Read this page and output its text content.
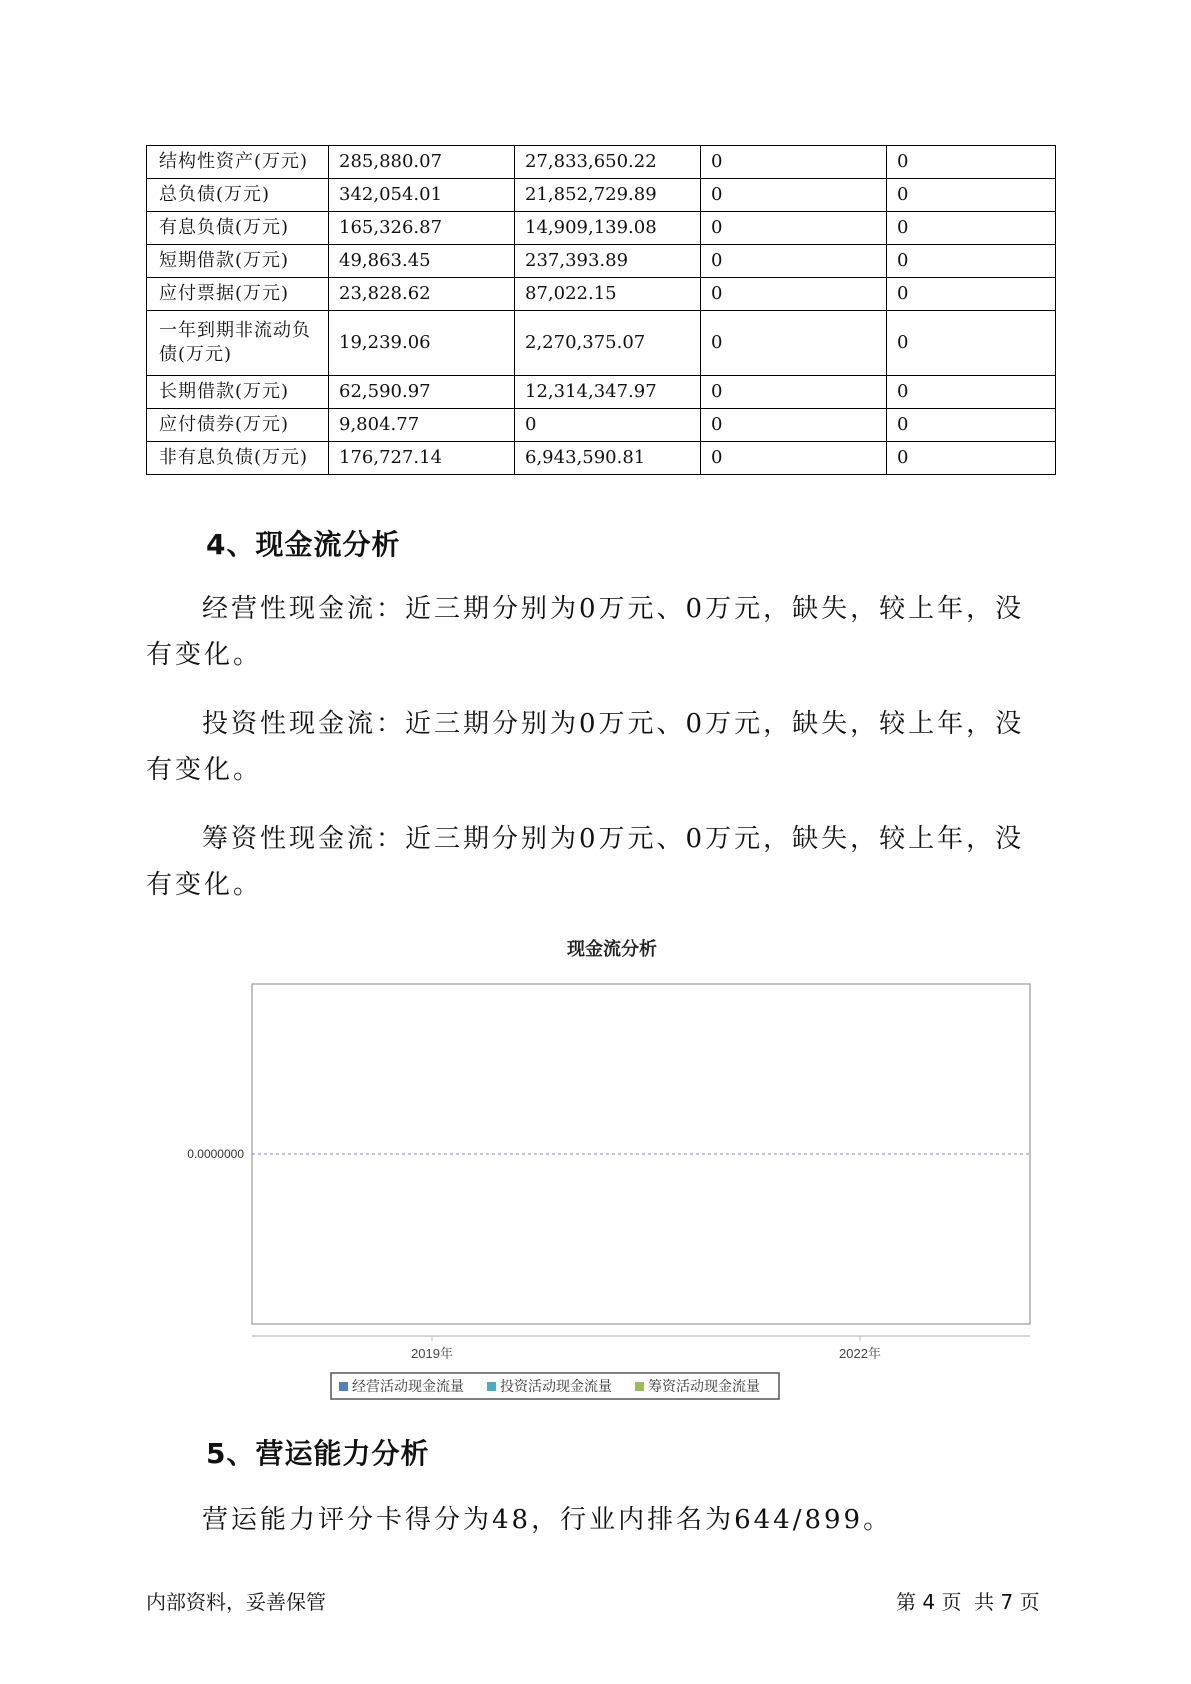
结构性资产(万元)	285,880.07	27,833,650.22	0	0
总负债(万元)	342,054.01	21,852,729.89	0	0
有息负债(万元)	165,326.87	14,909,139.08	0	0
短期借款(万元)	49,863.45	237,393.89	0	0
应付票据(万元)	23,828.62	87,022.15	0	0
一年到期非流动负债(万元)	19,239.06	2,270,375.07	0	0
长期借款(万元)	62,590.97	12,314,347.97	0	0
应付债券(万元)	9,804.77	0	0	0
非有息负债(万元)	176,727.14	6,943,590.81	0	0
4、现金流分析

经营性现金流：近三期分别为0万元、0万元，缺失，较上年，没有变化。

投资性现金流：近三期分别为0万元、0万元，缺失，较上年，没有变化。

筹资性现金流：近三期分别为0万元、0万元，缺失，较上年，没有变化。

现金流分析
0.0000000
2019年	2022年
经营活动现金流量	投资活动现金流量	筹资活动现金流量
5、营运能力分析

营运能力评分卡得分为48，行业内排名为644/899。

内部资料，妥善保管	第 4 页  共 7 页
